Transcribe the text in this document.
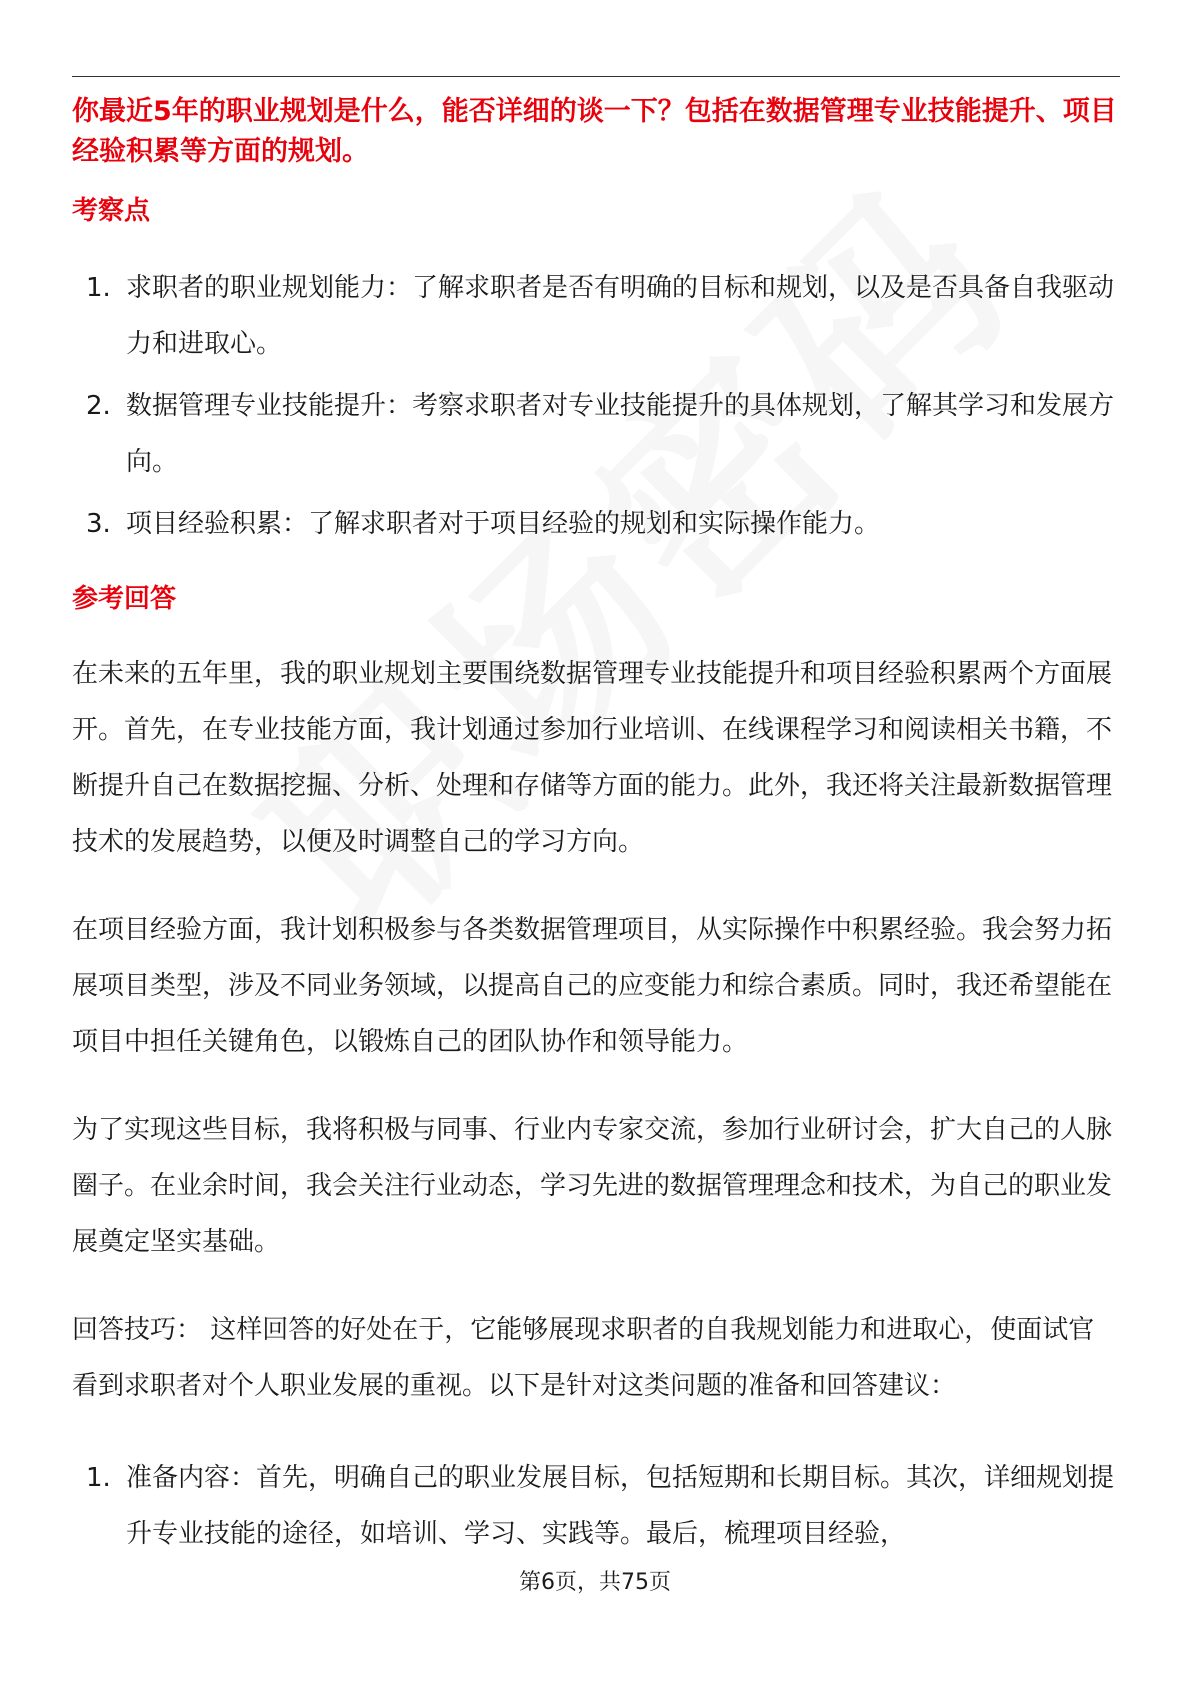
你最近5年的职业规划是什么，能否详细的谈一下？包括在数据管理专业技能提升、项目经验积累等方面的规划。

考察点
1. 求职者的职业规划能力：了解求职者是否有明确的目标和规划，以及是否具备自我驱动力和进取心。
2. 数据管理专业技能提升：考察求职者对专业技能提升的具体规划，了解其学习和发展方向。
3. 项目经验积累：了解求职者对于项目经验的规划和实际操作能力。
参考回答

在未来的五年里，我的职业规划主要围绕数据管理专业技能提升和项目经验积累两个方面展开。首先，在专业技能方面，我计划通过参加行业培训、在线课程学习和阅读相关书籍，不断提升自己在数据挖掘、分析、处理和存储等方面的能力。此外，我还将关注最新数据管理技术的发展趋势，以便及时调整自己的学习方向。

在项目经验方面，我计划积极参与各类数据管理项目，从实际操作中积累经验。我会努力拓展项目类型，涉及不同业务领域，以提高自己的应变能力和综合素质。同时，我还希望能在项目中担任关键角色，以锻炼自己的团队协作和领导能力。

为了实现这些目标，我将积极与同事、行业内专家交流，参加行业研讨会，扩大自己的人脉圈子。在业余时间，我会关注行业动态，学习先进的数据管理理念和技术，为自己的职业发展奠定坚实基础。

回答技巧： 这样回答的好处在于，它能够展现求职者的自我规划能力和进取心，使面试官看到求职者对个人职业发展的重视。以下是针对这类问题的准备和回答建议：

1. 准备内容：首先，明确自己的职业发展目标，包括短期和长期目标。其次，详细规划提升专业技能的途径，如培训、学习、实践等。最后，梳理项目经验，
第6页，共75页
